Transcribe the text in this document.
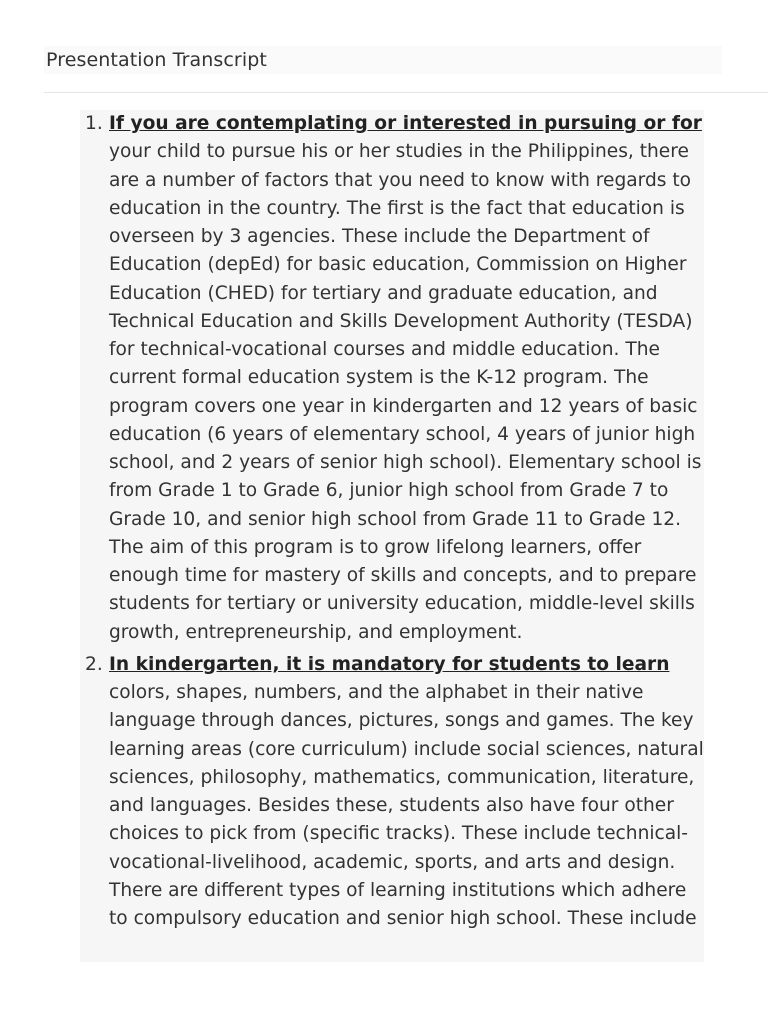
Presentation Transcript
1. If you are contemplating or interested in pursuing or for your child to pursue his or her studies in the Philippines, there are a number of factors that you need to know with regards to education in the country. The first is the fact that education is overseen by 3 agencies. These include the Department of Education (depEd) for basic education, Commission on Higher Education (CHED) for tertiary and graduate education, and Technical Education and Skills Development Authority (TESDA) for technical-vocational courses and middle education. The current formal education system is the K-12 program. The program covers one year in kindergarten and 12 years of basic education (6 years of elementary school, 4 years of junior high school, and 2 years of senior high school). Elementary school is from Grade 1 to Grade 6, junior high school from Grade 7 to Grade 10, and senior high school from Grade 11 to Grade 12. The aim of this program is to grow lifelong learners, offer enough time for mastery of skills and concepts, and to prepare students for tertiary or university education, middle-level skills growth, entrepreneurship, and employment.
2. In kindergarten, it is mandatory for students to learn colors, shapes, numbers, and the alphabet in their native language through dances, pictures, songs and games. The key learning areas (core curriculum) include social sciences, natural sciences, philosophy, mathematics, communication, literature, and languages. Besides these, students also have four other choices to pick from (specific tracks). These include technical-vocational-livelihood, academic, sports, and arts and design. There are different types of learning institutions which adhere to compulsory education and senior high school. These include
